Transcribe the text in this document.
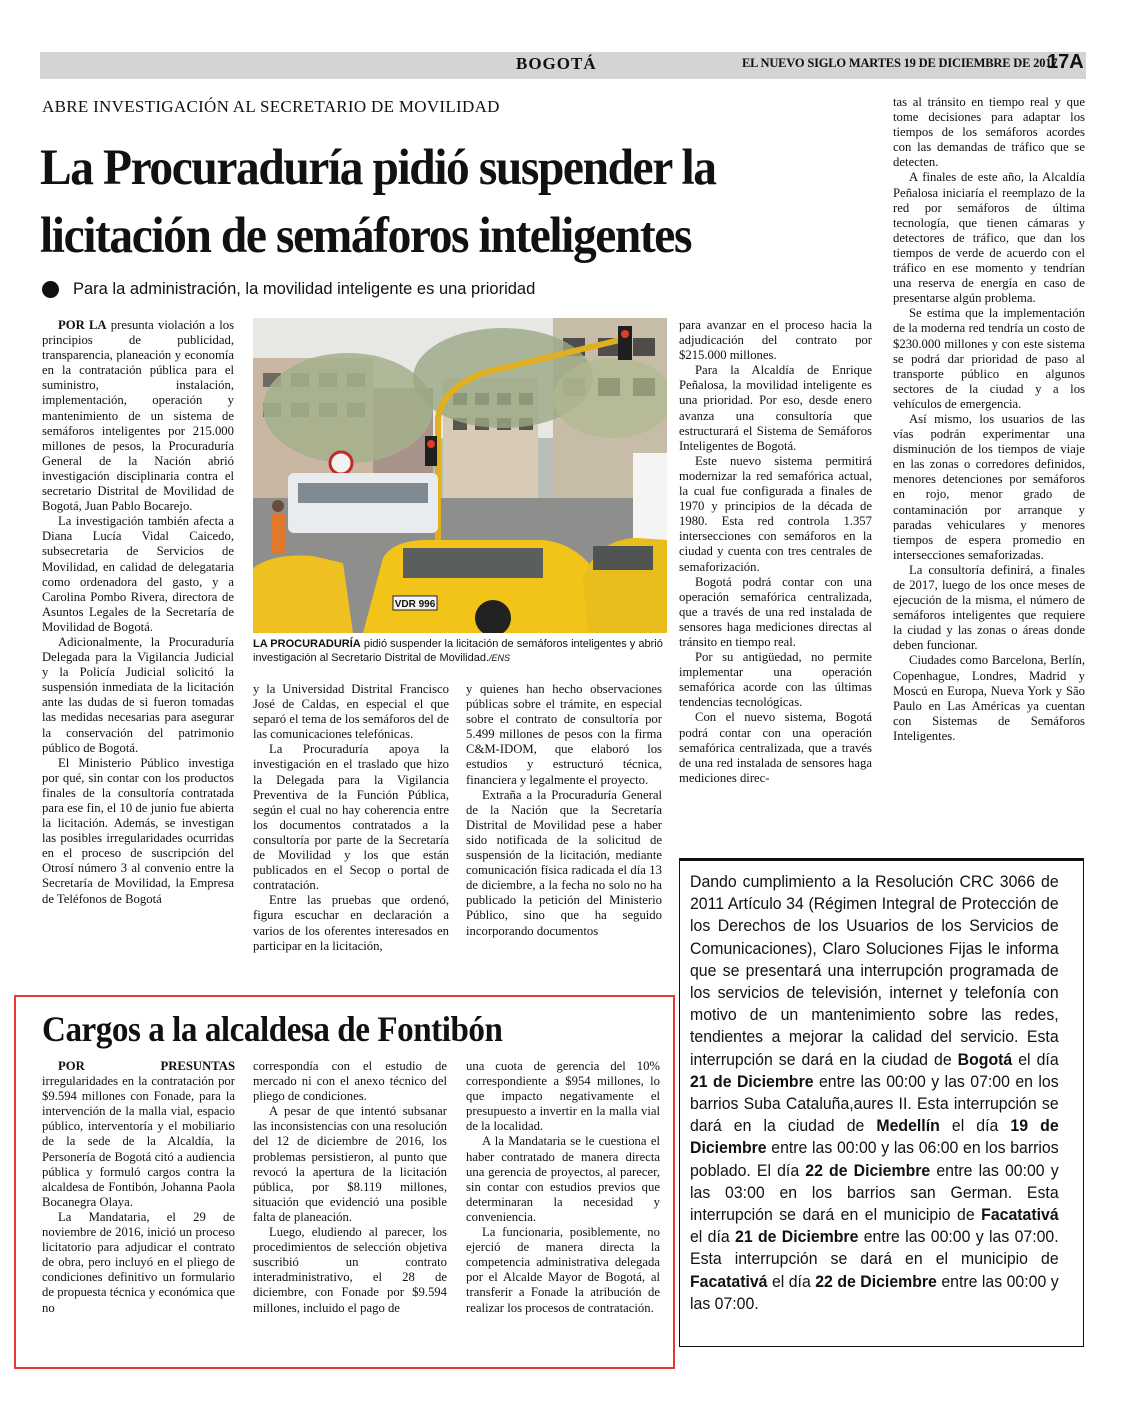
BOGOTÁ	EL NUEVO SIGLO MARTES 19 DE DICIEMBRE DE 2017
17A
ABRE INVESTIGACIÓN AL SECRETARIO DE MOVILIDAD
La Procuraduría pidió suspender la licitación de semáforos inteligentes
Para la administración, la movilidad inteligente es una prioridad

POR LA presunta violación a los principios de publicidad, transparencia, planeación y economía en la contratación pública para el suministro, instalación, implementación, operación y mantenimiento de un sistema de semáforos inteligentes por 215.000 millones de pesos, la Procuraduría General de la Nación abrió investigación disciplinaria contra el secretario Distrital de Movilidad de Bogotá, Juan Pablo Bocarejo.

La investigación también afecta a Diana Lucía Vidal Caicedo, subsecretaria de Servicios de Movilidad, en calidad de delegataria como ordenadora del gasto, y a Carolina Pombo Rivera, directora de Asuntos Legales de la Secretaría de Movilidad de Bogotá.

Adicionalmente, la Procuraduría Delegada para la Vigilancia Judicial y la Policía Judicial solicitó la suspensión inmediata de la licitación ante las dudas de si fueron tomadas las medidas necesarias para asegurar la conservación del patrimonio público de Bogotá.

El Ministerio Público investiga por qué, sin contar con los productos finales de la consultoría contratada para ese fin, el 10 de junio fue abierta la licitación. Además, se investigan las posibles irregularidades ocurridas en el proceso de suscripción del Otrosí número 3 al convenio entre la Secretaría de Movilidad, la Empresa de Teléfonos de Bogotá

VDR 996
LA PROCURADURÍA pidió suspender la licitación de semáforos inteligentes y abrió investigación al Secretario Distrital de Movilidad./ENS

y la Universidad Distrital Francisco José de Caldas, en especial el que separó el tema de los semáforos del de las comunicaciones telefónicas.

La Procuraduría apoya la investigación en el traslado que hizo la Delegada para la Vigilancia Preventiva de la Función Pública, según el cual no hay coherencia entre los documentos contratados a la consultoría por parte de la Secretaría de Movilidad y los que están publicados en el Secop o portal de contratación.

Entre las pruebas que ordenó, figura escuchar en declaración a varios de los oferentes interesados en participar en la licitación,

y quienes han hecho observaciones públicas sobre el trámite, en especial sobre el contrato de consultoría por 5.499 millones de pesos con la firma C&M-IDOM, que elaboró los estudios y estructuró técnica, financiera y legalmente el proyecto.

Extraña a la Procuraduría General de la Nación que la Secretaría Distrital de Movilidad pese a haber sido notificada de la solicitud de suspensión de la licitación, mediante comunicación física radicada el día 13 de diciembre, a la fecha no solo no ha publicado la petición del Ministerio Público, sino que ha seguido incorporando documentos

para avanzar en el proceso hacia la adjudicación del contrato por $215.000 millones.

Para la Alcaldía de Enrique Peñalosa, la movilidad inteligente es una prioridad. Por eso, desde enero avanza una consultoría que estructurará el Sistema de Semáforos Inteligentes de Bogotá.

Este nuevo sistema permitirá modernizar la red semafórica actual, la cual fue configurada a finales de 1970 y principios de la década de 1980. Esta red controla 1.357 intersecciones con semáforos en la ciudad y cuenta con tres centrales de semaforización.

Bogotá podrá contar con una operación semafórica centralizada, que a través de una red instalada de sensores haga mediciones directas al tránsito en tiempo real.

Por su antigüedad, no permite implementar una operación semafórica acorde con las últimas tendencias tecnológicas.

Con el nuevo sistema, Bogotá podrá contar con una operación semafórica centralizada, que a través de una red instalada de sensores haga mediciones direc-

tas al tránsito en tiempo real y que tome decisiones para adaptar los tiempos de los semáforos acordes con las demandas de tráfico que se detecten.

A finales de este año, la Alcaldía Peñalosa iniciaría el reemplazo de la red por semáforos de última tecnología, que tienen cámaras y detectores de tráfico, que dan los tiempos de verde de acuerdo con el tráfico en ese momento y tendrían una reserva de energía en caso de presentarse algún problema.

Se estima que la implementación de la moderna red tendría un costo de $230.000 millones y con este sistema se podrá dar prioridad de paso al transporte público en algunos sectores de la ciudad y a los vehículos de emergencia.

Así mismo, los usuarios de las vías podrán experimentar una disminución de los tiempos de viaje en las zonas o corredores definidos, menores detenciones por semáforos en rojo, menor grado de contaminación por arranque y paradas vehiculares y menores tiempos de espera promedio en intersecciones semaforizadas.

La consultoría definirá, a finales de 2017, luego de los once meses de ejecución de la misma, el número de semáforos inteligentes que requiere la ciudad y las zonas o áreas donde deben funcionar.

Ciudades como Barcelona, Berlín, Copenhague, Londres, Madrid y Moscú en Europa, Nueva York y São Paulo en Las Américas ya cuentan con Sistemas de Semáforos Inteligentes.

Dando cumplimiento a la Resolución CRC 3066 de 2011 Artículo 34 (Régimen Integral de Protección de los Derechos de los Usuarios de los Servicios de Comunicaciones), Claro Soluciones Fijas le informa que se presentará una interrupción programada de los servicios de televisión, internet y telefonía con motivo de un mantenimiento sobre las redes, tendientes a mejorar la calidad del servicio. Esta interrupción se dará en la ciudad de Bogotá el día 21 de Diciembre entre las 00:00 y las 07:00 en los barrios Suba Cataluña,aures II. Esta interrupción se dará en la ciudad de Medellín el día 19 de Diciembre entre las 00:00 y las 06:00 en los barrios poblado. El día 22 de Diciembre entre las 00:00 y las 03:00 en los barrios san German. Esta interrupción se dará en el municipio de Facatativá el día 21 de Diciembre entre las 00:00 y las 07:00. Esta interrupción se dará en el municipio de Facatativá el día 22 de Diciembre entre las 00:00 y las 07:00.
Cargos a la alcaldesa de Fontibón

POR PRESUNTAS irregularidades en la contratación por $9.594 millones con Fonade, para la intervención de la malla vial, espacio público, interventoría y el mobiliario de la sede de la Alcaldía, la Personería de Bogotá citó a audiencia pública y formuló cargos contra la alcaldesa de Fontibón, Johanna Paola Bocanegra Olaya.

La Mandataria, el 29 de noviembre de 2016, inició un proceso licitatorio para adjudicar el contrato de obra, pero incluyó en el pliego de condiciones definitivo un formulario de propuesta técnica y económica que no

correspondía con el estudio de mercado ni con el anexo técnico del pliego de condiciones.

A pesar de que intentó subsanar las inconsistencias con una resolución del 12 de diciembre de 2016, los problemas persistieron, al punto que revocó la apertura de la licitación pública, por $8.119 millones, situación que evidenció una posible falta de planeación.

Luego, eludiendo al parecer, los procedimientos de selección objetiva suscribió un contrato interadministrativo, el 28 de diciembre, con Fonade por $9.594 millones, incluido el pago de

una cuota de gerencia del 10% correspondiente a $954 millones, lo que impacto negativamente el presupuesto a invertir en la malla vial de la localidad.

A la Mandataria se le cuestiona el haber contratado de manera directa una gerencia de proyectos, al parecer, sin contar con estudios previos que determinaran la necesidad y conveniencia.

La funcionaria, posiblemente, no ejerció de manera directa la competencia administrativa delegada por el Alcalde Mayor de Bogotá, al transferir a Fonade la atribución de realizar los procesos de contratación.
